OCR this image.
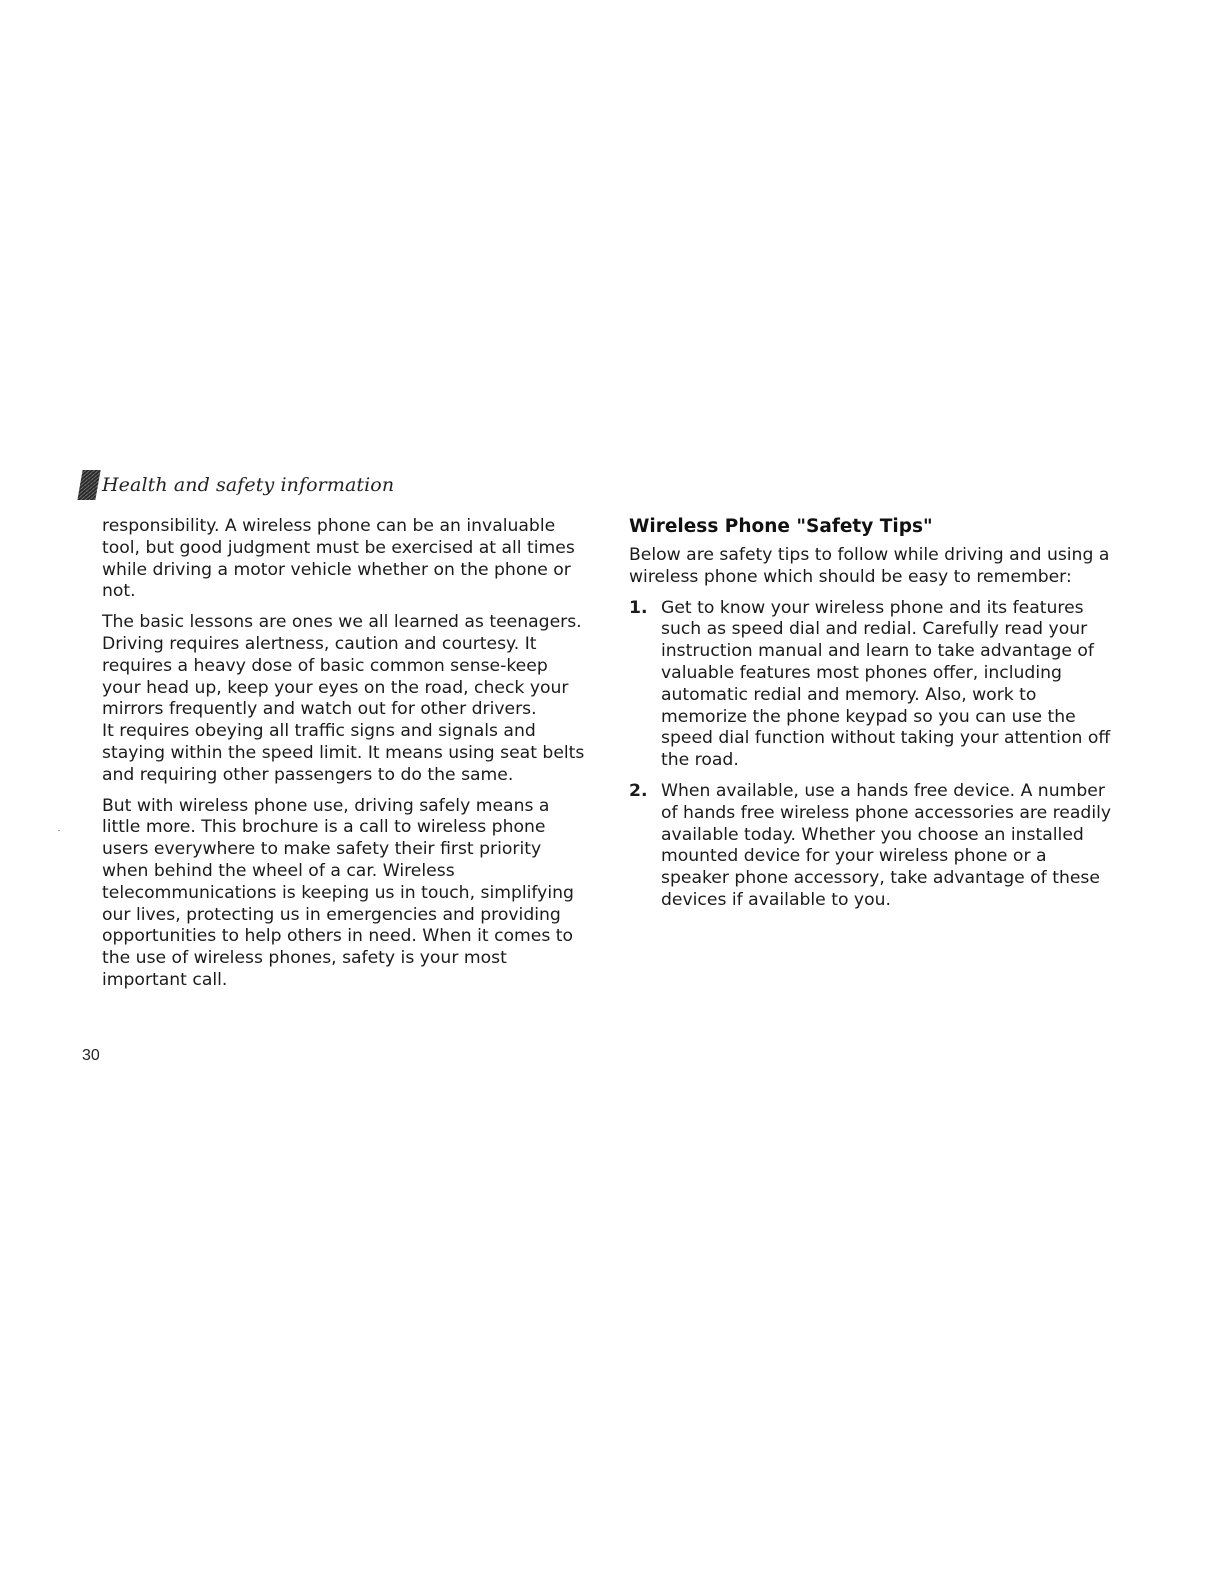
Health and safety information

responsibility. A wireless phone can be an invaluable tool, but good judgment must be exercised at all times while driving a motor vehicle whether on the phone or not.

The basic lessons are ones we all learned as teenagers. Driving requires alertness, caution and courtesy. It requires a heavy dose of basic common sense-keep your head up, keep your eyes on the road, check your mirrors frequently and watch out for other drivers.

It requires obeying all traffic signs and signals and staying within the speed limit. It means using seat belts and requiring other passengers to do the same.

But with wireless phone use, driving safely means a little more. This brochure is a call to wireless phone users everywhere to make safety their first priority when behind the wheel of a car. Wireless telecommunications is keeping us in touch, simplifying our lives, protecting us in emergencies and providing opportunities to help others in need. When it comes to the use of wireless phones, safety is your most important call.

Wireless Phone "Safety Tips"

Below are safety tips to follow while driving and using a wireless phone which should be easy to remember:

1. Get to know your wireless phone and its features such as speed dial and redial. Carefully read your instruction manual and learn to take advantage of valuable features most phones offer, including automatic redial and memory. Also, work to memorize the phone keypad so you can use the speed dial function without taking your attention off the road.
2. When available, use a hands free device. A number of hands free wireless phone accessories are readily available today. Whether you choose an installed mounted device for your wireless phone or a speaker phone accessory, take advantage of these devices if available to you.
30
